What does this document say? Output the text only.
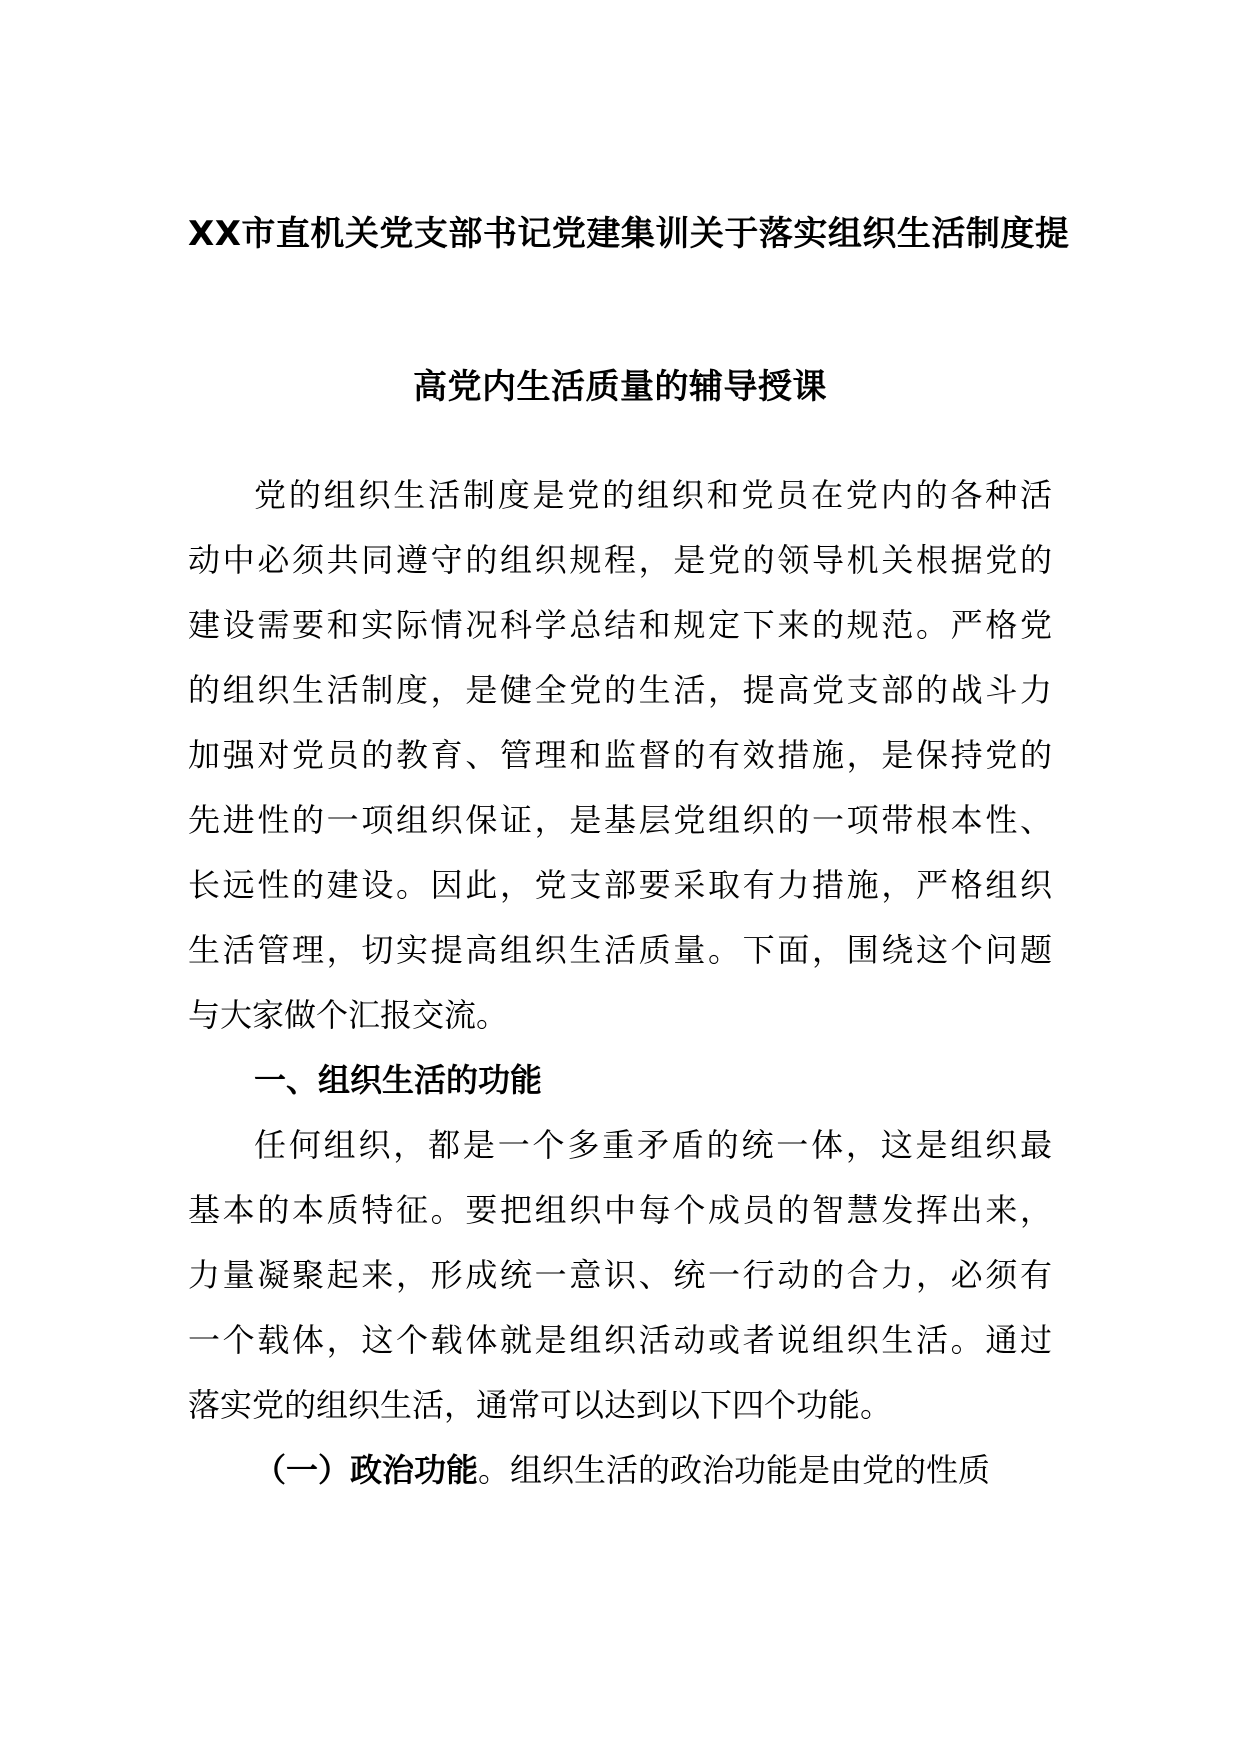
XX市直机关党支部书记党建集训关于落实组织生活制度提
高党内生活质量的辅导授课
党的组织生活制度是党的组织和党员在党内的各种活
动中必须共同遵守的组织规程，是党的领导机关根据党的
建设需要和实际情况科学总结和规定下来的规范。严格党
的组织生活制度，是健全党的生活，提高党支部的战斗力
加强对党员的教育、管理和监督的有效措施，是保持党的
先进性的一项组织保证，是基层党组织的一项带根本性、
长远性的建设。因此，党支部要采取有力措施，严格组织
生活管理，切实提高组织生活质量。下面，围绕这个问题
与大家做个汇报交流。
一、组织生活的功能
任何组织，都是一个多重矛盾的统一体，这是组织最
基本的本质特征。要把组织中每个成员的智慧发挥出来，
力量凝聚起来，形成统一意识、统一行动的合力，必须有
一个载体，这个载体就是组织活动或者说组织生活。通过
落实党的组织生活，通常可以达到以下四个功能。
（一）政治功能。组织生活的政治功能是由党的性质
